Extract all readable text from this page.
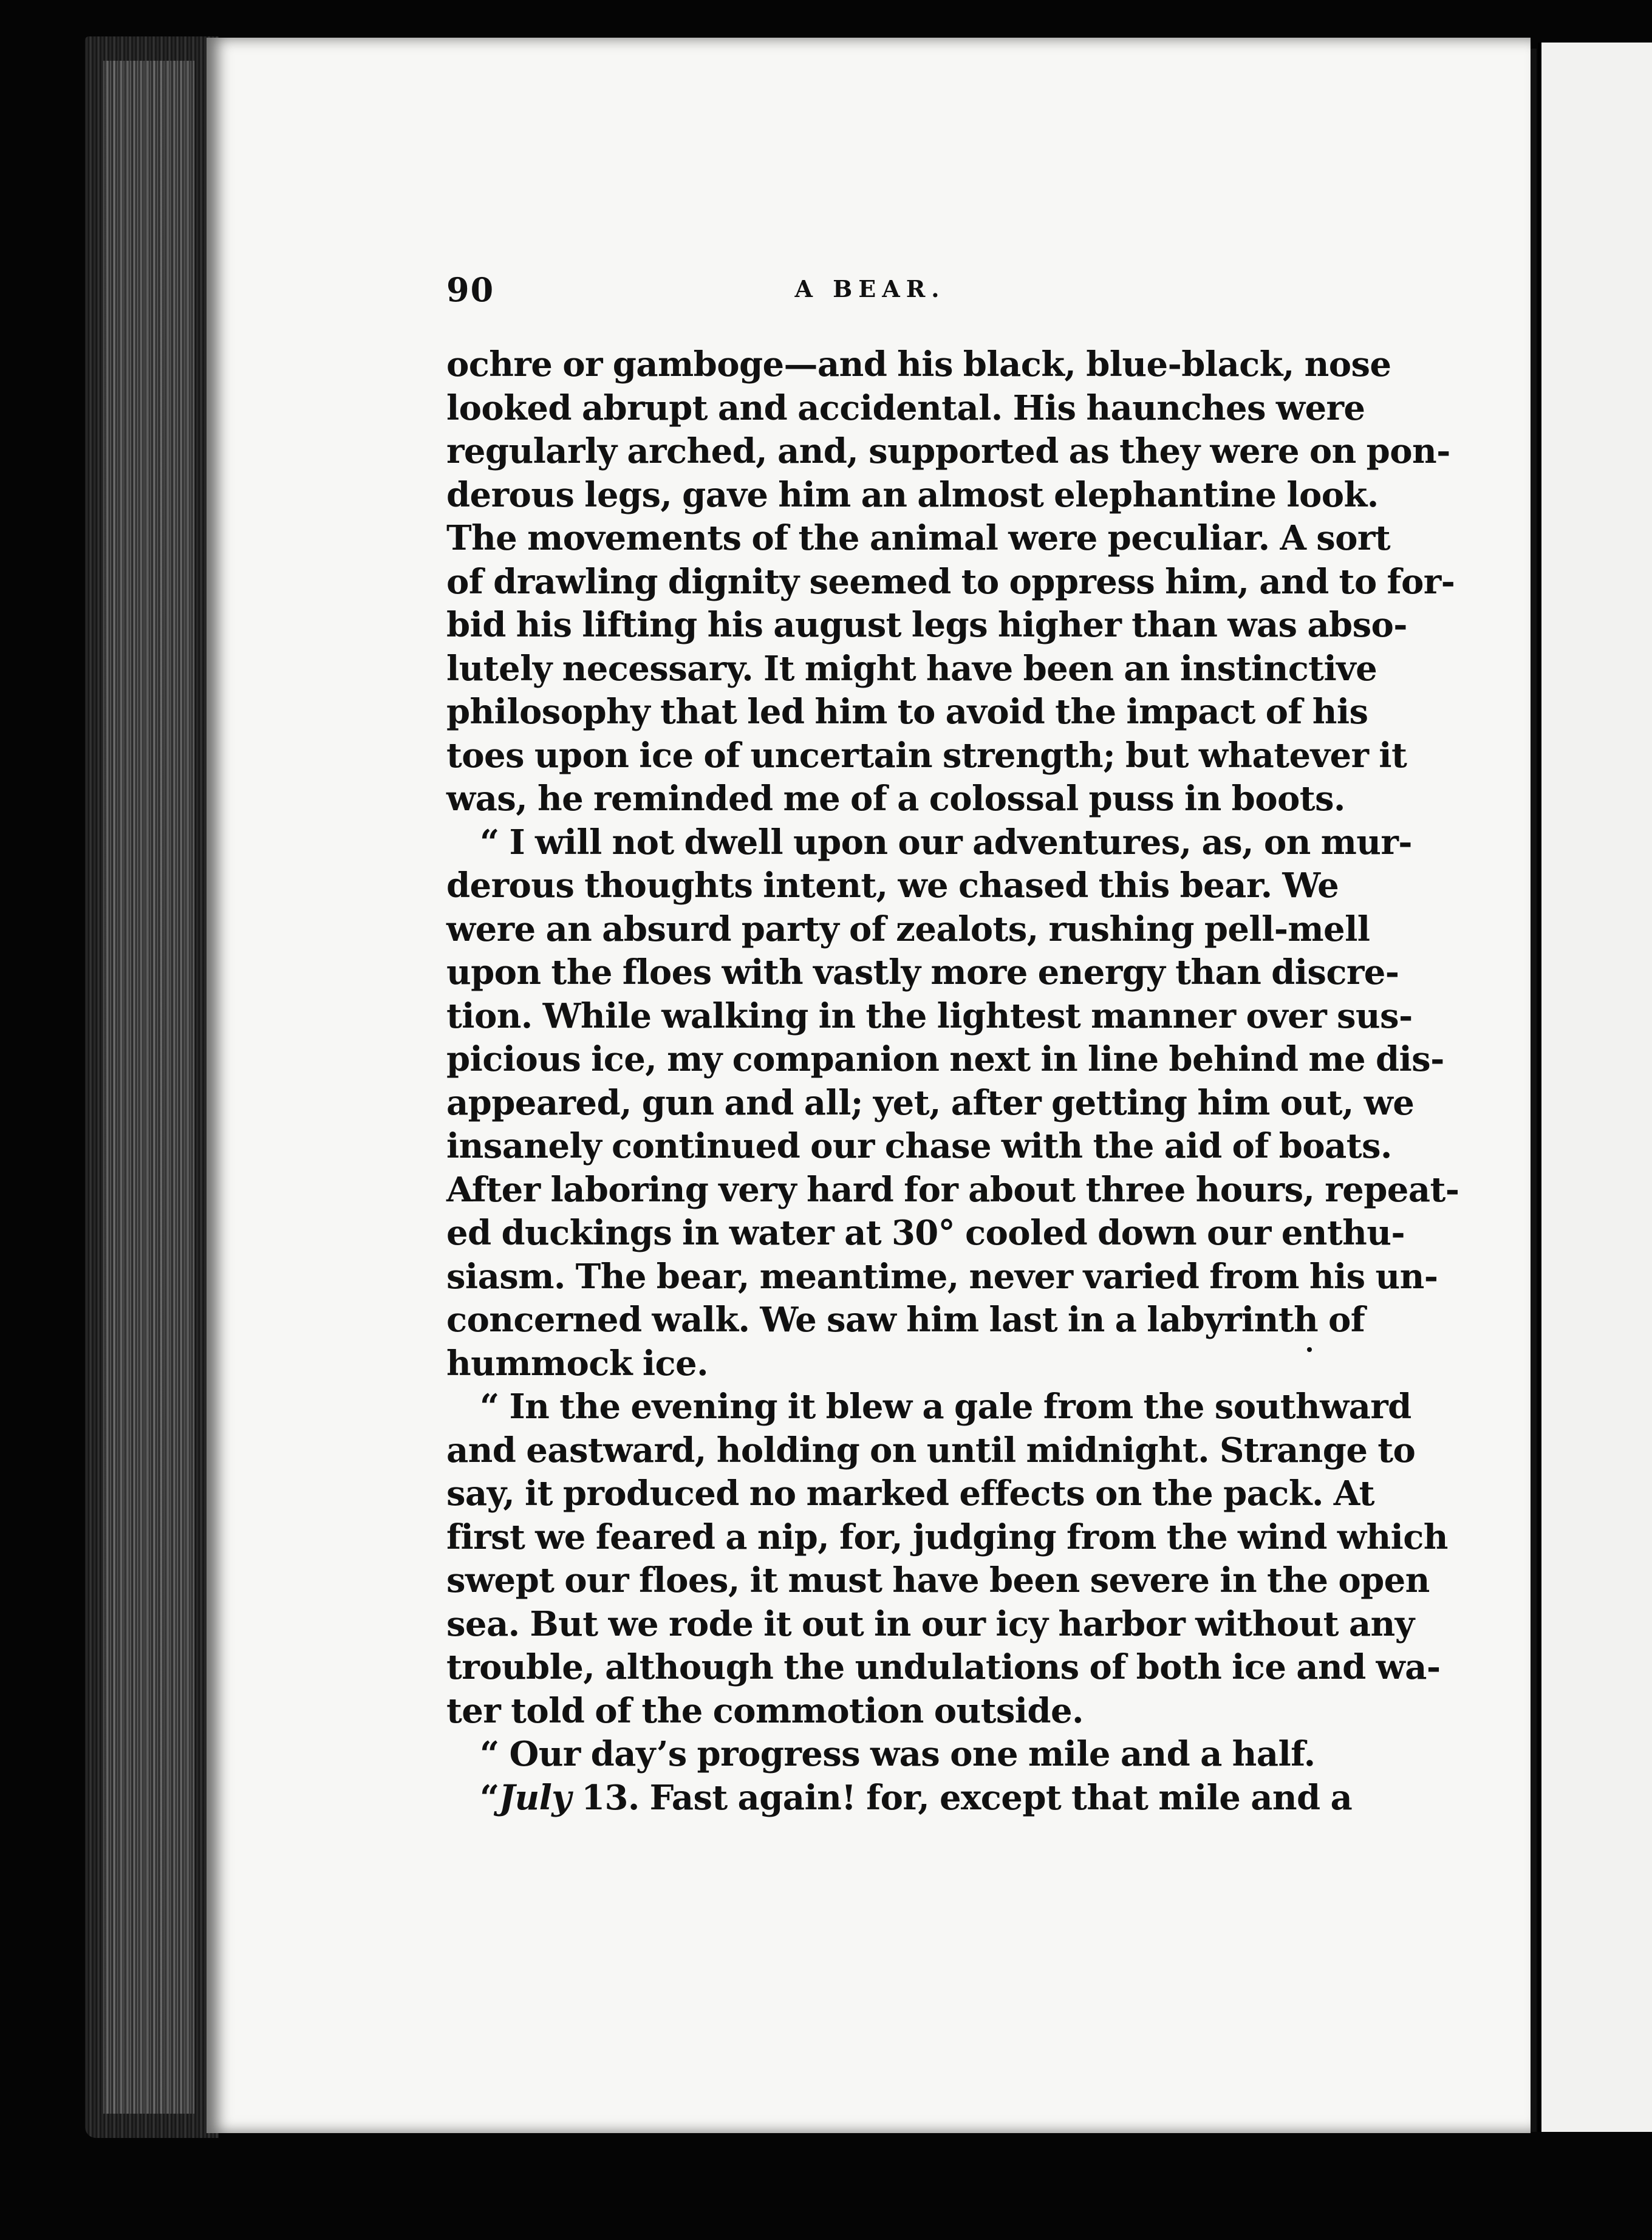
90	A BEAR.
ochre or gamboge—and his black, blue-black, nose
looked abrupt and accidental. His haunches were
regularly arched, and, supported as they were on pon-
derous legs, gave him an almost elephantine look.
The movements of the animal were peculiar. A sort
of drawling dignity seemed to oppress him, and to for-
bid his lifting his august legs higher than was abso-
lutely necessary. It might have been an instinctive
philosophy that led him to avoid the impact of his
toes upon ice of uncertain strength; but whatever it
was, he reminded me of a colossal puss in boots.
“ I will not dwell upon our adventures, as, on mur-
derous thoughts intent, we chased this bear. We
were an absurd party of zealots, rushing pell-mell
upon the floes with vastly more energy than discre-
tion. While walking in the lightest manner over sus-
picious ice, my companion next in line behind me dis-
appeared, gun and all; yet, after getting him out, we
insanely continued our chase with the aid of boats.
After laboring very hard for about three hours, repeat-
ed duckings in water at 30° cooled down our enthu-
siasm. The bear, meantime, never varied from his un-
concerned walk. We saw him last in a labyrinth of
hummock ice.
“ In the evening it blew a gale from the southward
and eastward, holding on until midnight. Strange to
say, it produced no marked effects on the pack. At
first we feared a nip, for, judging from the wind which
swept our floes, it must have been severe in the open
sea. But we rode it out in our icy harbor without any
trouble, although the undulations of both ice and wa-
ter told of the commotion outside.
“ Our day’s progress was one mile and a half.
“July 13. Fast again! for, except that mile and a
